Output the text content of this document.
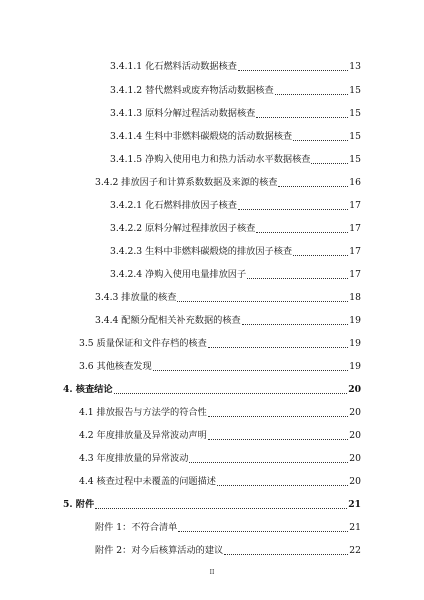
3.4.1.1 化石燃料活动数据核查	13
3.4.1.2 替代燃料或废弃物活动数据核查	15
3.4.1.3 原料分解过程活动数据核查	15
3.4.1.4 生料中非燃料碳煅烧的活动数据核查	15
3.4.1.5 净购入使用电力和热力活动水平数据核查	15
3.4.2 排放因子和计算系数数据及来源的核查	16
3.4.2.1 化石燃料排放因子核查	17
3.4.2.2 原料分解过程排放因子核查	17
3.4.2.3 生料中非燃料碳煅烧的排放因子核查	17
3.4.2.4 净购入使用电量排放因子	17
3.4.3 排放量的核查	18
3.4.4 配额分配相关补充数据的核查	19
3.5 质量保证和文件存档的核查	19
3.6 其他核查发现	19
4. 核查结论	20
4.1 排放报告与方法学的符合性	20
4.2 年度排放量及异常波动声明	20
4.3 年度排放量的异常波动	20
4.4 核查过程中未覆盖的问题描述	20
5. 附件	21
附件 1：不符合清单	21
附件 2：对今后核算活动的建议	22
II
